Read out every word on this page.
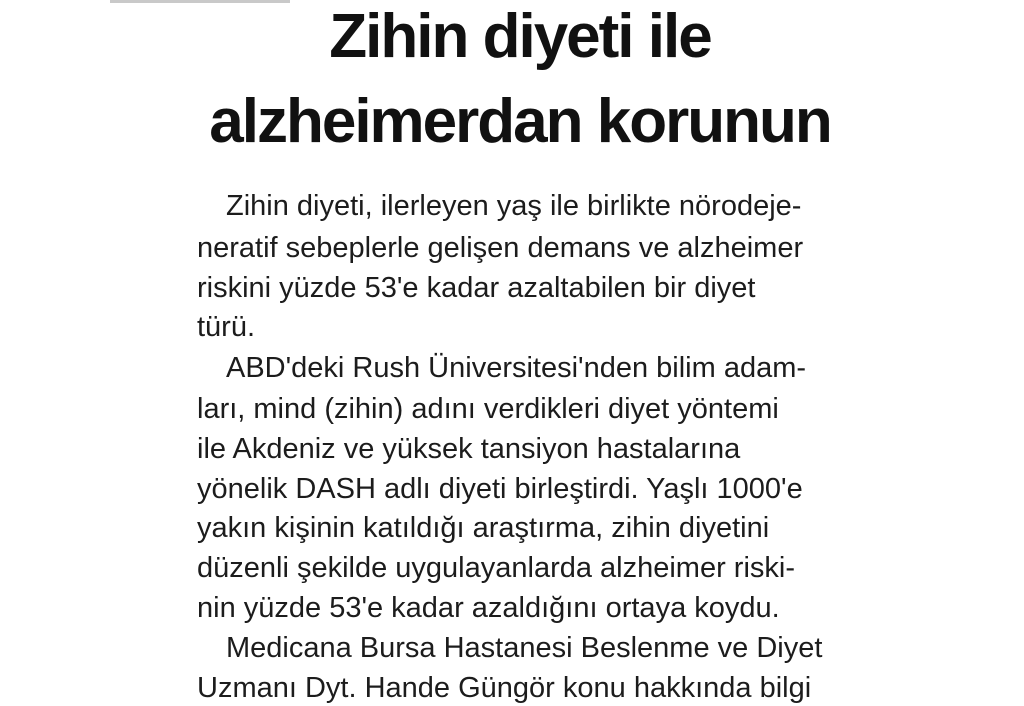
Zihin diyeti ile
alzheimerdan korunun

Zihin diyeti, ilerleyen yaş ile birlikte nörodeje-

neratif sebeplerle gelişen demans ve alzheimer

riskini yüzde 53'e kadar azaltabilen bir diyet

türü.

ABD'deki Rush Üniversitesi'nden bilim adam-

ları, mind (zihin) adını verdikleri diyet yöntemi

ile Akdeniz ve yüksek tansiyon hastalarına

yönelik DASH adlı diyeti birleştirdi. Yaşlı 1000'e

yakın kişinin katıldığı araştırma, zihin diyetini

düzenli şekilde uygulayanlarda alzheimer riski-

nin yüzde 53'e kadar azaldığını ortaya koydu.

Medicana Bursa Hastanesi Beslenme ve Diyet

Uzmanı Dyt. Hande Güngör konu hakkında bilgi
